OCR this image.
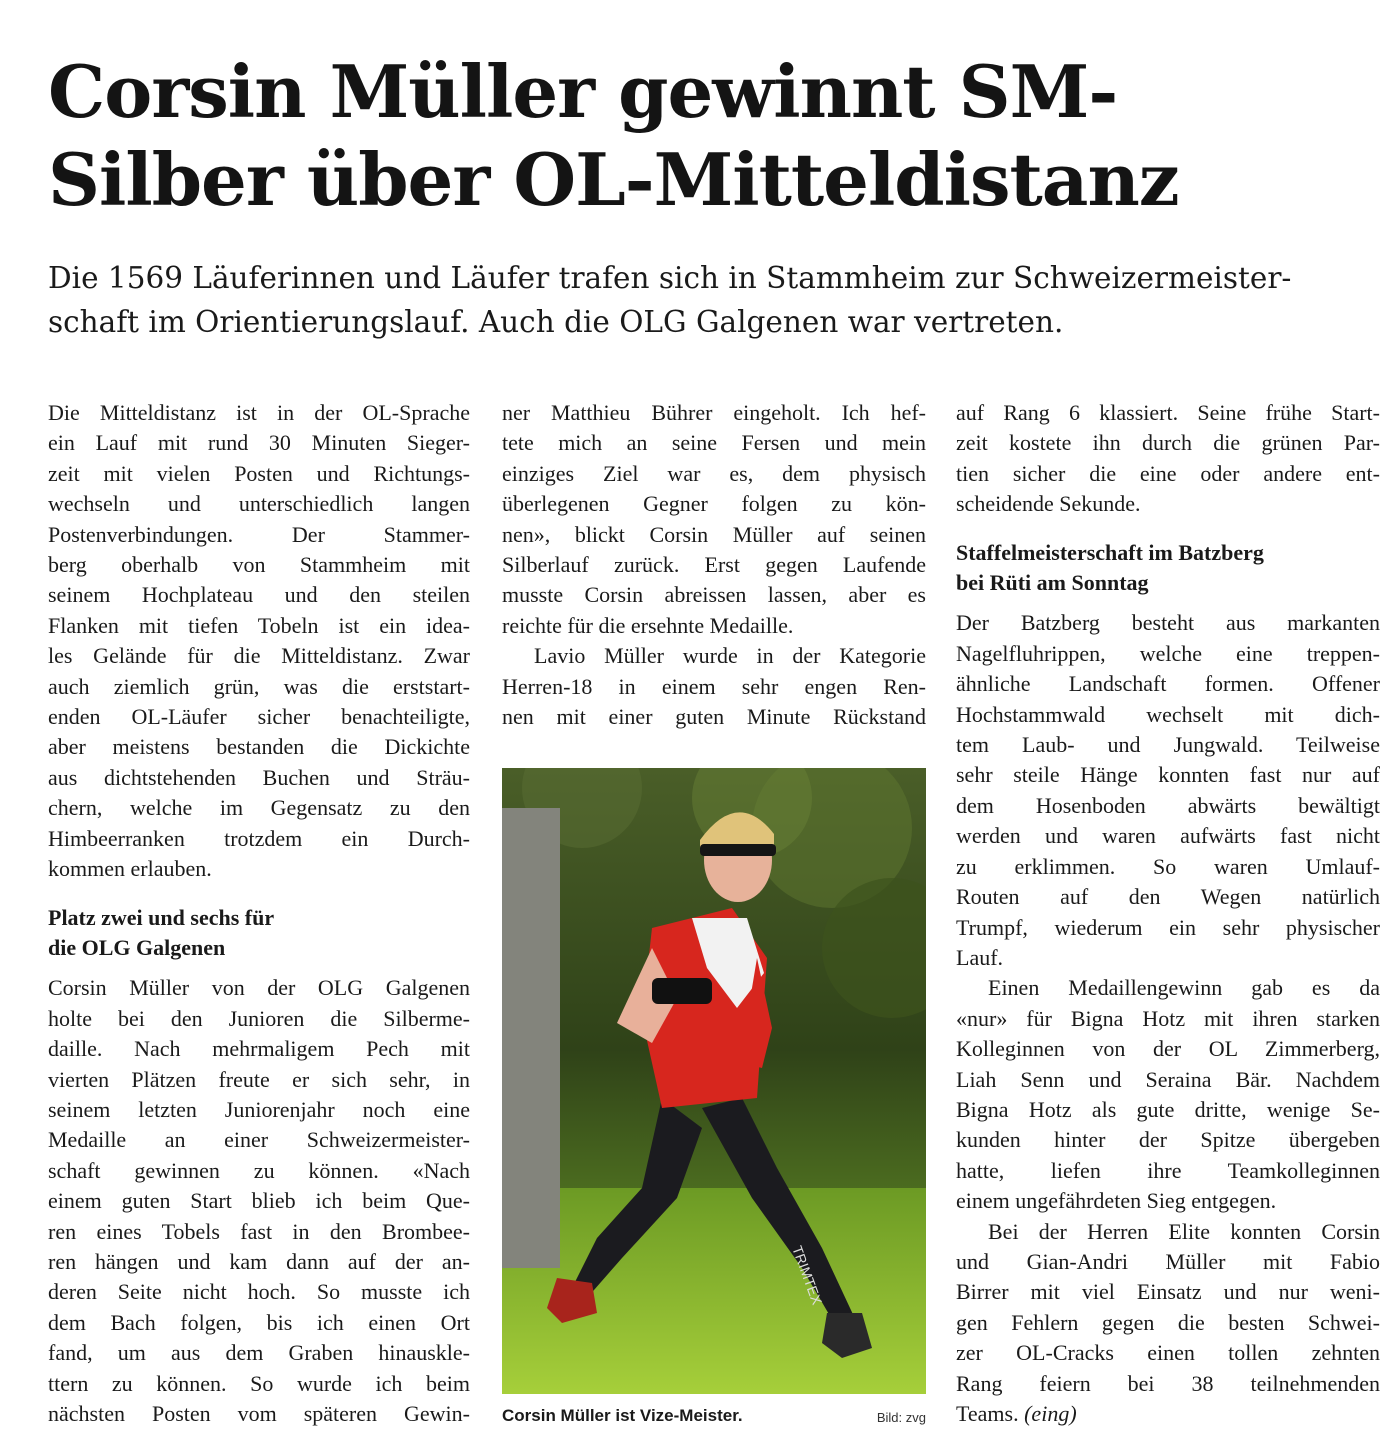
Corsin Müller gewinnt SM-
Silber über OL-Mitteldistanz
Die 1569 Läuferinnen und Läufer trafen sich in Stammheim zur Schweizermeister-
schaft im Orientierungslauf. Auch die OLG Galgenen war vertreten.
Die Mitteldistanz ist in der OL-Sprache
ein Lauf mit rund 30 Minuten Sieger-
zeit mit vielen Posten und Richtungs-
wechseln und unterschiedlich langen
Postenverbindungen. Der Stammer-
berg oberhalb von Stammheim mit
seinem Hochplateau und den steilen
Flanken mit tiefen Tobeln ist ein idea-
les Gelände für die Mitteldistanz. Zwar
auch ziemlich grün, was die erststart-
enden OL-Läufer sicher benachteiligte,
aber meistens bestanden die Dickichte
aus dichtstehenden Buchen und Sträu-
chern, welche im Gegensatz zu den
Himbeerranken trotzdem ein Durch-
kommen erlauben.
Platz zwei und sechs für
die OLG Galgenen
Corsin Müller von der OLG Galgenen
holte bei den Junioren die Silberme-
daille. Nach mehrmaligem Pech mit
vierten Plätzen freute er sich sehr, in
seinem letzten Juniorenjahr noch eine
Medaille an einer Schweizermeister-
schaft gewinnen zu können. «Nach
einem guten Start blieb ich beim Que-
ren eines Tobels fast in den Brombee-
ren hängen und kam dann auf der an-
deren Seite nicht hoch. So musste ich
dem Bach folgen, bis ich einen Ort
fand, um aus dem Graben hinauskle-
ttern zu können. So wurde ich beim
nächsten Posten vom späteren Gewin-
ner Matthieu Bührer eingeholt. Ich hef-
tete mich an seine Fersen und mein
einziges Ziel war es, dem physisch
überlegenen Gegner folgen zu kön-
nen», blickt Corsin Müller auf seinen
Silberlauf zurück. Erst gegen Laufende
musste Corsin abreissen lassen, aber es
reichte für die ersehnte Medaille.
Lavio Müller wurde in der Kategorie
Herren-18 in einem sehr engen Ren-
nen mit einer guten Minute Rückstand
TRIMTEX
Corsin Müller ist Vize-Meister.	Bild: zvg
auf Rang 6 klassiert. Seine frühe Start-
zeit kostete ihn durch die grünen Par-
tien sicher die eine oder andere ent-
scheidende Sekunde.
Staffelmeisterschaft im Batzberg
bei Rüti am Sonntag
Der Batzberg besteht aus markanten
Nagelfluhrippen, welche eine treppen-
ähnliche Landschaft formen. Offener
Hochstammwald wechselt mit dich-
tem Laub- und Jungwald. Teilweise
sehr steile Hänge konnten fast nur auf
dem Hosenboden abwärts bewältigt
werden und waren aufwärts fast nicht
zu erklimmen. So waren Umlauf-
Routen auf den Wegen natürlich
Trumpf, wiederum ein sehr physischer
Lauf.
Einen Medaillengewinn gab es da
«nur» für Bigna Hotz mit ihren starken
Kolleginnen von der OL Zimmerberg,
Liah Senn und Seraina Bär. Nachdem
Bigna Hotz als gute dritte, wenige Se-
kunden hinter der Spitze übergeben
hatte, liefen ihre Teamkolleginnen
einem ungefährdeten Sieg entgegen.
Bei der Herren Elite konnten Corsin
und Gian-Andri Müller mit Fabio
Birrer mit viel Einsatz und nur weni-
gen Fehlern gegen die besten Schwei-
zer OL-Cracks einen tollen zehnten
Rang feiern bei 38 teilnehmenden
Teams. (eing)
